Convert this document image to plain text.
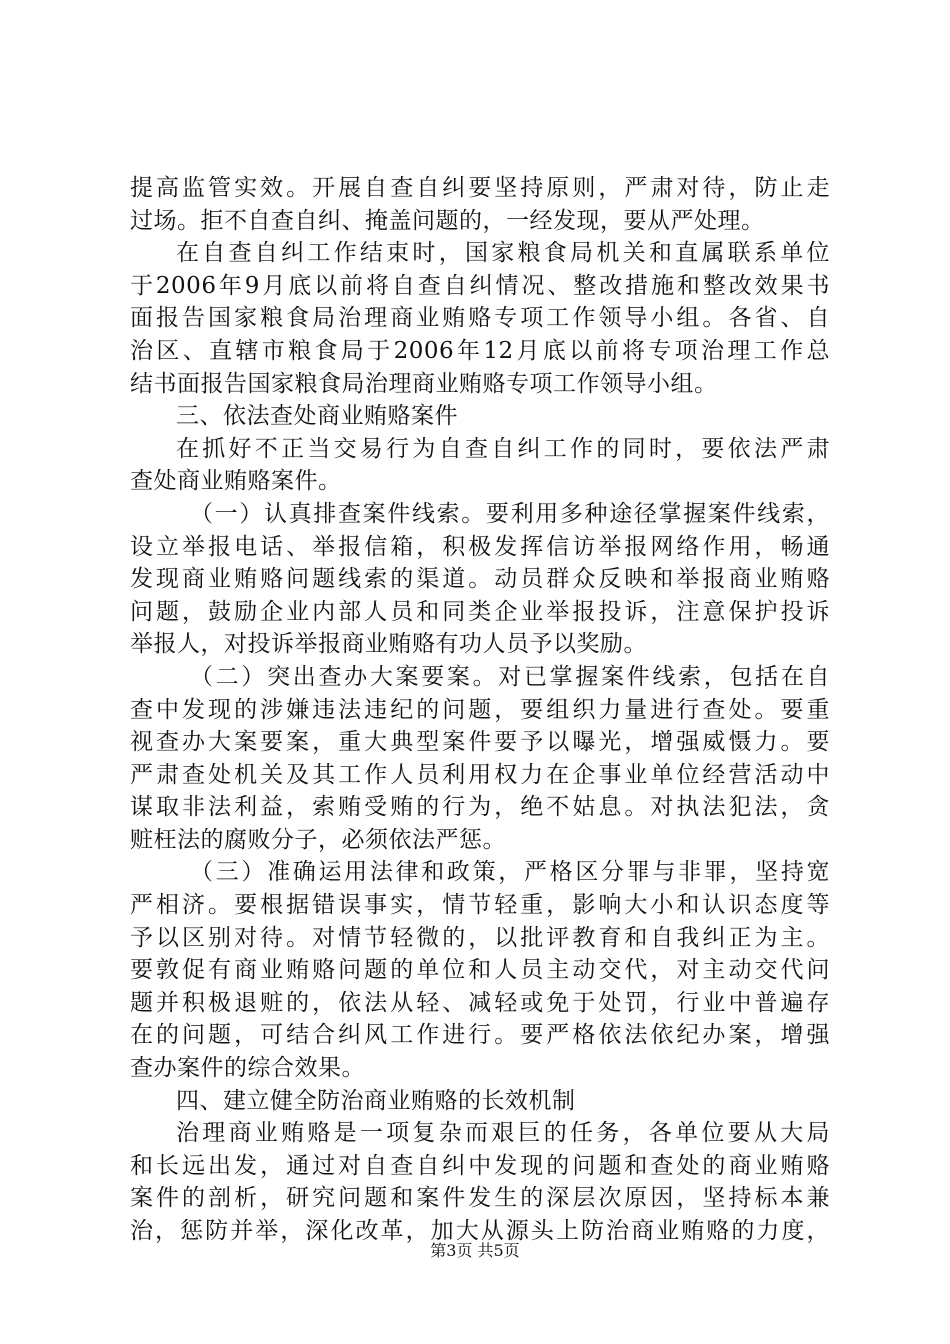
提高监管实效。开展自查自纠要坚持原则，严肃对待，防止走
过场。拒不自查自纠、掩盖问题的，一经发现，要从严处理。
在自查自纠工作结束时，国家粮食局机关和直属联系单位
于2006年9月底以前将自查自纠情况、整改措施和整改效果书
面报告国家粮食局治理商业贿赂专项工作领导小组。各省、自
治区、直辖市粮食局于2006年12月底以前将专项治理工作总
结书面报告国家粮食局治理商业贿赂专项工作领导小组。
三、依法查处商业贿赂案件
在抓好不正当交易行为自查自纠工作的同时，要依法严肃
查处商业贿赂案件。
（一）认真排查案件线索。要利用多种途径掌握案件线索，
设立举报电话、举报信箱，积极发挥信访举报网络作用，畅通
发现商业贿赂问题线索的渠道。动员群众反映和举报商业贿赂
问题，鼓励企业内部人员和同类企业举报投诉，注意保护投诉
举报人，对投诉举报商业贿赂有功人员予以奖励。
（二）突出查办大案要案。对已掌握案件线索，包括在自
查中发现的涉嫌违法违纪的问题，要组织力量进行查处。要重
视查办大案要案，重大典型案件要予以曝光，增强威慑力。要
严肃查处机关及其工作人员利用权力在企事业单位经营活动中
谋取非法利益，索贿受贿的行为，绝不姑息。对执法犯法，贪
赃枉法的腐败分子，必须依法严惩。
（三）准确运用法律和政策，严格区分罪与非罪，坚持宽
严相济。要根据错误事实，情节轻重，影响大小和认识态度等
予以区别对待。对情节轻微的，以批评教育和自我纠正为主。
要敦促有商业贿赂问题的单位和人员主动交代，对主动交代问
题并积极退赃的，依法从轻、减轻或免于处罚，行业中普遍存
在的问题，可结合纠风工作进行。要严格依法依纪办案，增强
查办案件的综合效果。
四、建立健全防治商业贿赂的长效机制
治理商业贿赂是一项复杂而艰巨的任务，各单位要从大局
和长远出发，通过对自查自纠中发现的问题和查处的商业贿赂
案件的剖析，研究问题和案件发生的深层次原因，坚持标本兼
治，惩防并举，深化改革，加大从源头上防治商业贿赂的力度，
第3页 共5页
